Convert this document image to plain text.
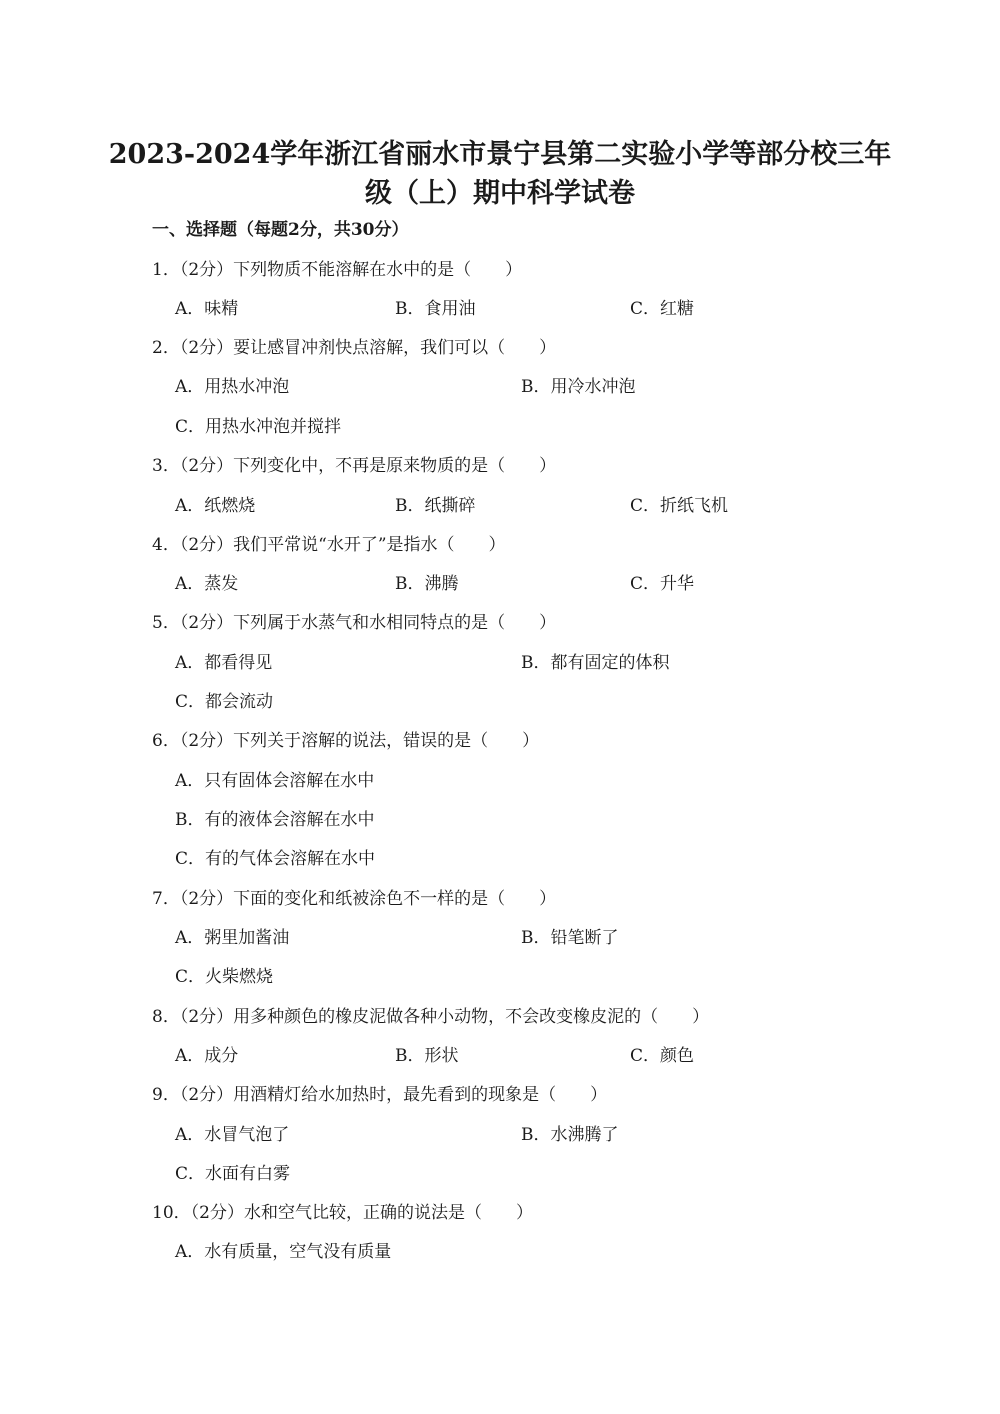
2023-2024学年浙江省丽水市景宁县第二实验小学等部分校三年
级（上）期中科学试卷
一、选择题（每题2分，共30分）
1．（2分）下列物质不能溶解在水中的是（　　）
A．味精	B．食用油	C．红糖
2．（2分）要让感冒冲剂快点溶解，我们可以（　　）
A．用热水冲泡	B．用冷水冲泡
C．用热水冲泡并搅拌
3．（2分）下列变化中，不再是原来物质的是（　　）
A．纸燃烧	B．纸撕碎	C．折纸飞机
4．（2分）我们平常说“水开了”是指水（　　）
A．蒸发	B．沸腾	C．升华
5．（2分）下列属于水蒸气和水相同特点的是（　　）
A．都看得见	B．都有固定的体积
C．都会流动
6．（2分）下列关于溶解的说法，错误的是（　　）
A．只有固体会溶解在水中
B．有的液体会溶解在水中
C．有的气体会溶解在水中
7．（2分）下面的变化和纸被涂色不一样的是（　　）
A．粥里加酱油	B．铅笔断了
C．火柴燃烧
8．（2分）用多种颜色的橡皮泥做各种小动物，不会改变橡皮泥的（　　）
A．成分	B．形状	C．颜色
9．（2分）用酒精灯给水加热时，最先看到的现象是（　　）
A．水冒气泡了	B．水沸腾了
C．水面有白雾
10．（2分）水和空气比较，正确的说法是（　　）
A．水有质量，空气没有质量
